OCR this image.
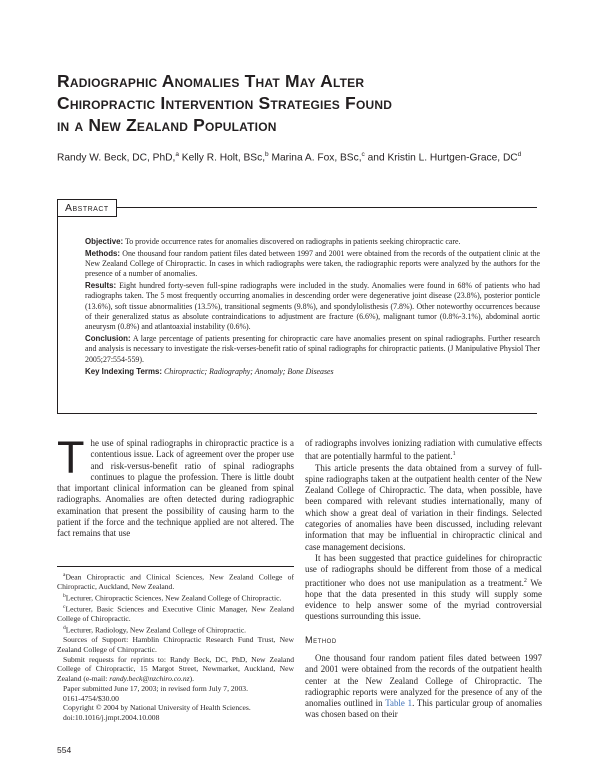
Radiographic Anomalies That May Alter
Chiropractic Intervention Strategies Found
in a New Zealand Population
Randy W. Beck, DC, PhD,$^a$ Kelly R. Holt, BSc,$^b$ Marina A. Fox, BSc,$^c$ and Kristin L. Hurtgen-Grace, $DC^d$
Abstract

Objective: To provide occurrence rates for anomalies discovered on radiographs in patients seeking chiropractic care.

Methods: One thousand four random patient files dated between 1997 and 2001 were obtained from the records of the outpatient clinic at the New Zealand College of Chiropractic. In cases in which radiographs were taken, the radiographic reports were analyzed by the authors for the presence of a number of anomalies.

Results: Eight hundred forty-seven full-spine radiographs were included in the study. Anomalies were found in 68% of patients who had radiographs taken. The 5 most frequently occurring anomalies in descending order were degenerative joint disease (23.8%), posterior ponticle (13.6%), soft tissue abnormalities (13.5%), transitional segments (9.8%), and spondylolisthesis (7.8%). Other noteworthy occurrences because of their generalized status as absolute contraindications to adjustment are fracture (6.6%), malignant tumor (0.8%-3.1%), abdominal aortic aneurysm (0.8%) and atlantoaxial instability (0.6%).

Conclusion: A large percentage of patients presenting for chiropractic care have anomalies present on spinal radiographs. Further research and analysis is necessary to investigate the risk-verses-benefit ratio of spinal radiographs for chiropractic patients. (J Manipulative Physiol Ther 2005;27:554-559).

Key Indexing Terms: Chiropractic; Radiography; Anomaly; Bone Diseases

The use of spinal radiographs in chiropractic practice is a contentious issue. Lack of agreement over the proper use and risk-versus-benefit ratio of spinal radiographs continues to plague the profession. There is little doubt that important clinical information can be gleaned from spinal radiographs. Anomalies are often detected during radiographic examination that present the possibility of causing harm to the patient if the force and the technique applied are not altered. The fact remains that use

$^a$Dean Chiropractic and Clinical Sciences, New Zealand College of Chiropractic, Auckland, New Zealand.

$^b$Lecturer, Chiropractic Sciences, New Zealand College of Chiropractic.

$^c$Lecturer, Basic Sciences and Executive Clinic Manager, New Zealand College of Chiropractic.

$^d$Lecturer, Radiology, New Zealand College of Chiropractic.

Sources of Support: Hamblin Chiropractic Research Fund Trust, New Zealand College of Chiropractic.

Submit requests for reprints to: Randy Beck, DC, PhD, New Zealand College of Chiropractic, 15 Margot Street, Newmarket, Auckland, New Zealand (e-mail: randy.beck@nzchiro.co.nz).

Paper submitted June 17, 2003; in revised form July 7, 2003.

0161-4754/$30.00

Copyright © 2004 by National University of Health Sciences.

doi:10.1016/j.jmpt.2004.10.008

of radiographs involves ionizing radiation with cumulative effects that are potentially harmful to the patient.$^1$

This article presents the data obtained from a survey of full-spine radiographs taken at the outpatient health center of the New Zealand College of Chiropractic. The data, when possible, have been compared with relevant studies internationally, many of which show a great deal of variation in their findings. Selected categories of anomalies have been discussed, including relevant information that may be influential in chiropractic clinical and case management decisions.

It has been suggested that practice guidelines for chiropractic use of radiographs should be different from those of a medical practitioner who does not use manipulation as a treatment.$^2$ We hope that the data presented in this study will supply some evidence to help answer some of the myriad controversial questions surrounding this issue.

Method

One thousand four random patient files dated between 1997 and 2001 were obtained from the records of the outpatient health center at the New Zealand College of Chiropractic. The radiographic reports were analyzed for the presence of any of the anomalies outlined in Table 1. This particular group of anomalies was chosen based on their

554
